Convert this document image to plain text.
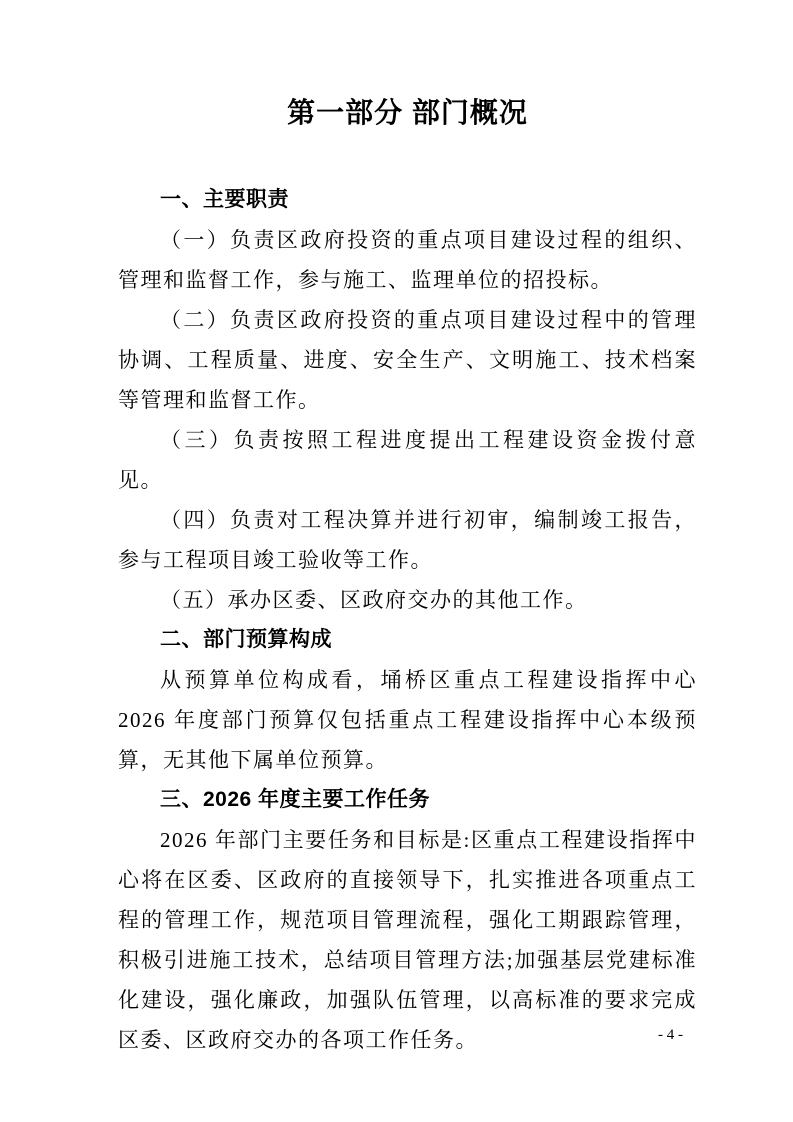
第一部分 部门概况
一、主要职责

（一）负责区政府投资的重点项目建设过程的组织、管理和监督工作，参与施工、监理单位的招投标。

（二）负责区政府投资的重点项目建设过程中的管理协调、工程质量、进度、安全生产、文明施工、技术档案等管理和监督工作。

（三）负责按照工程进度提出工程建设资金拨付意见。

（四）负责对工程决算并进行初审，编制竣工报告，参与工程项目竣工验收等工作。

（五）承办区委、区政府交办的其他工作。

二、部门预算构成

从预算单位构成看，埇桥区重点工程建设指挥中心 2026 年度部门预算仅包括重点工程建设指挥中心本级预算，无其他下属单位预算。

三、2026 年度主要工作任务

2026 年部门主要任务和目标是:区重点工程建设指挥中心将在区委、区政府的直接领导下，扎实推进各项重点工程的管理工作，规范项目管理流程，强化工期跟踪管理，积极引进施工技术，总结项目管理方法;加强基层党建标准化建设，强化廉政，加强队伍管理，以高标准的要求完成区委、区政府交办的各项工作任务。	- 4 -
